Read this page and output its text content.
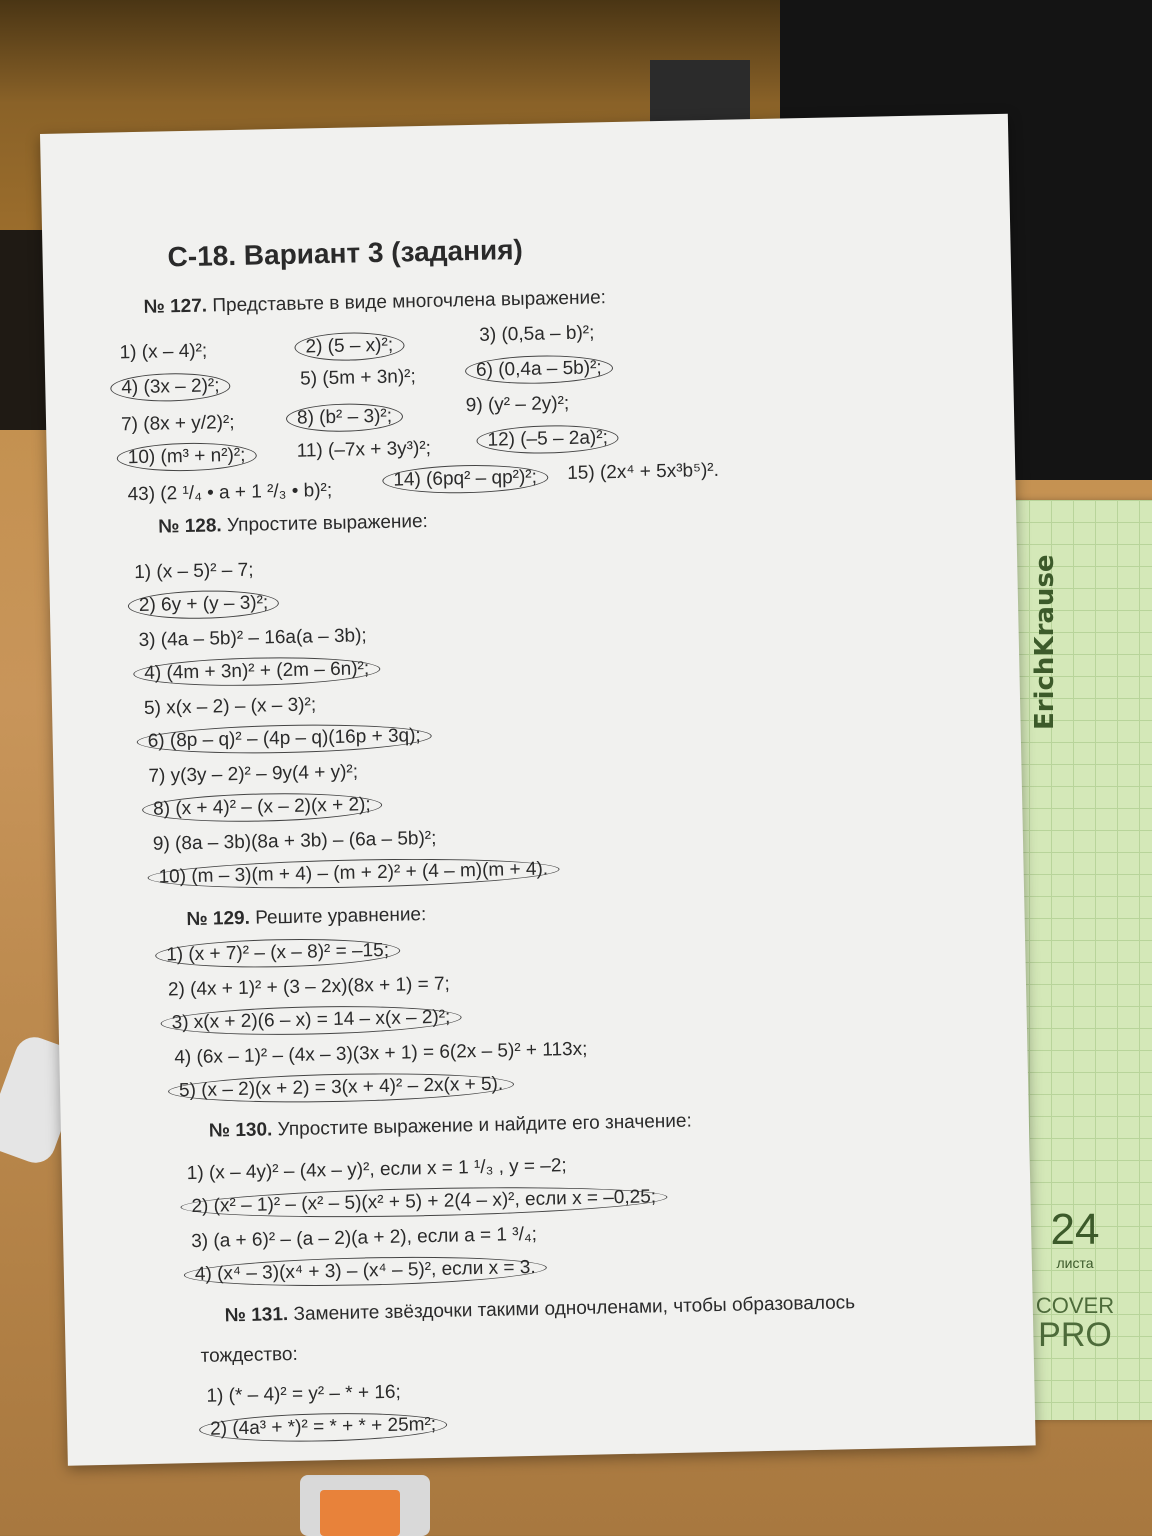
ErichKrause
24
листа
COVER
PRO
С-18. Вариант 3 (задания)
№ 127. Представьте в виде многочлена выражение:
1) (x – 4)²;	2) (5 – x)²;
3) (0,5a – b)²;
4) (3x – 2)²;	5) (5m + 3n)²;	6) (0,4a – 5b)²;
7) (8x + y/2)²;	8) (b² – 3)²;
9) (y² – 2y)²;
10) (m³ + n²)²;	11) (–7x + 3y³)²;	12) (–5 – 2a)²;
43) (2 ¹/₄ • a + 1 ²/₃ • b)²;
14) (6pq² – qp²)²;	15) (2x⁴ + 5x³b⁵)².
№ 128. Упростите выражение:
1) (x – 5)² – 7;
2) 6y + (y – 3)²;
3) (4a – 5b)² – 16a(a – 3b);
4) (4m + 3n)² + (2m – 6n)²;
5) x(x – 2) – (x – 3)²;
6) (8p – q)² – (4p – q)(16p + 3q);
7) y(3y – 2)² – 9y(4 + y)²;
8) (x + 4)² – (x – 2)(x + 2);
9) (8a – 3b)(8a + 3b) – (6a – 5b)²;
10) (m – 3)(m + 4) – (m + 2)² + (4 – m)(m + 4).
№ 129. Решите уравнение:
1) (x + 7)² – (x – 8)² = –15;
2) (4x + 1)² + (3 – 2x)(8x + 1) = 7;
3) x(x + 2)(6 – x) = 14 – x(x – 2)²;
4) (6x – 1)² – (4x – 3)(3x + 1) = 6(2x – 5)² + 113x;
5) (x – 2)(x + 2) = 3(x + 4)² – 2x(x + 5).
№ 130. Упростите выражение и найдите его значение:
1) (x – 4y)² – (4x – y)², если x = 1 ¹/₃ , y = –2;
2) (x² – 1)² – (x² – 5)(x² + 5) + 2(4 – x)², если x = –0,25;
3) (a + 6)² – (a – 2)(a + 2), если a = 1 ³/₄;
4) (x⁴ – 3)(x⁴ + 3) – (x⁴ – 5)², если x = 3.
№ 131. Замените звёздочки такими одночленами, чтобы образовалось
тождество:
1) (* – 4)² = y² – * + 16;
2) (4a³ + *)² = * + * + 25m²;
